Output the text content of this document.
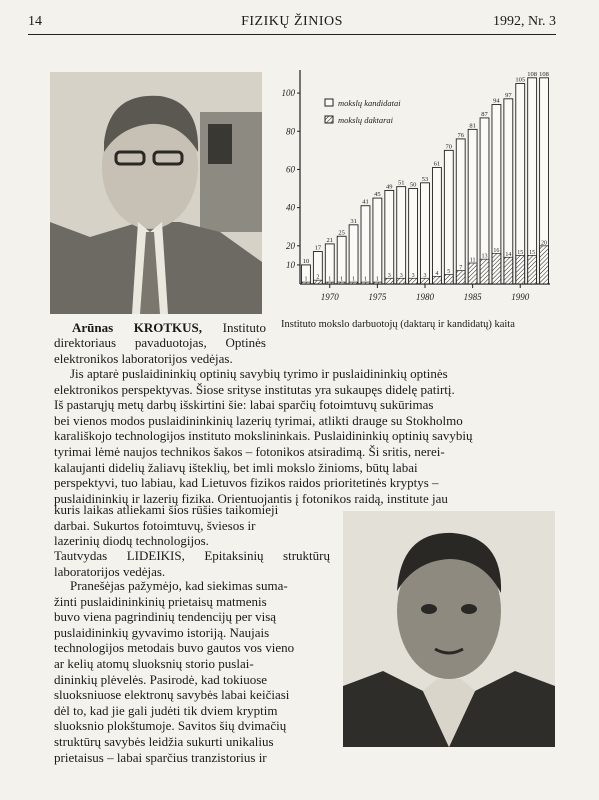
14	FIZIKŲ ŽINIOS	1992, Nr. 3
10
20
40
60
80
100
10
1
17
2
21
1
25
1
31
1
41
1
45
1
49
3
51
3
50
3
53
3
61
4
70
5
76
7
81
11
87
13
94
16
97
14
105
15
108
15
108
20
1970	1975	1980	1985	1990
mokslų kandidatai
mokslų daktarai
Instituto mokslo darbuotojų (daktarų ir kandidatų) kaita
Arūnas KROTKUS, Instituto direktoriaus pavaduotojas, Optinės elektronikos laboratorijos vedėjas.
Jis aptarė puslaidininkių optinių savybių tyrimo ir puslaidininkių optinės
elektronikos perspektyvas. Šiose srityse institutas yra sukaupęs didelę patirtį.
Iš pastarųjų metų darbų išskirtini šie: labai sparčių fotoimtuvų sukūrimas
bei vienos modos puslaidininkinių lazerių tyrimai, atlikti drauge su Stokholmo
karališkojo technologijos instituto mokslininkais. Puslaidininkių optinių savybių
tyrimai lėmė naujos technikos šakos – fotonikos atsiradimą. Ši sritis, nerei-
kalaujanti didelių žaliavų išteklių, bet imli mokslo žinioms, būtų labai
perspektyvi, tuo labiau, kad Lietuvos fizikos raidos prioritetinės kryptys –
puslaidininkių ir lazerių fizika. Orientuojantis į fotonikos raidą, institute jau
kuris laikas atliekami šios rūšies taikomieji
darbai. Sukurtos fotoimtuvų, šviesos ir
lazerinių diodų technologijos.
Tautvydas LIDEIKIS, Epitaksinių struktūrų laboratorijos vedėjas.
Pranešėjas pažymėjo, kad siekimas suma-
žinti puslaidininkinių prietaisų matmenis
buvo viena pagrindinių tendencijų per visą
puslaidininkių gyvavimo istoriją. Naujais
technologijos metodais buvo gautos vos vieno
ar kelių atomų sluoksnių storio puslai-
dininkių plėvelės. Pasirodė, kad tokiuose
sluoksniuose elektronų savybės labai keičiasi
dėl to, kad jie gali judėti tik dviem kryptim
sluoksnio plokštumoje. Savitos šių dvimačių
struktūrų savybės leidžia sukurti unikalius
prietaisus – labai sparčius tranzistorius ir
